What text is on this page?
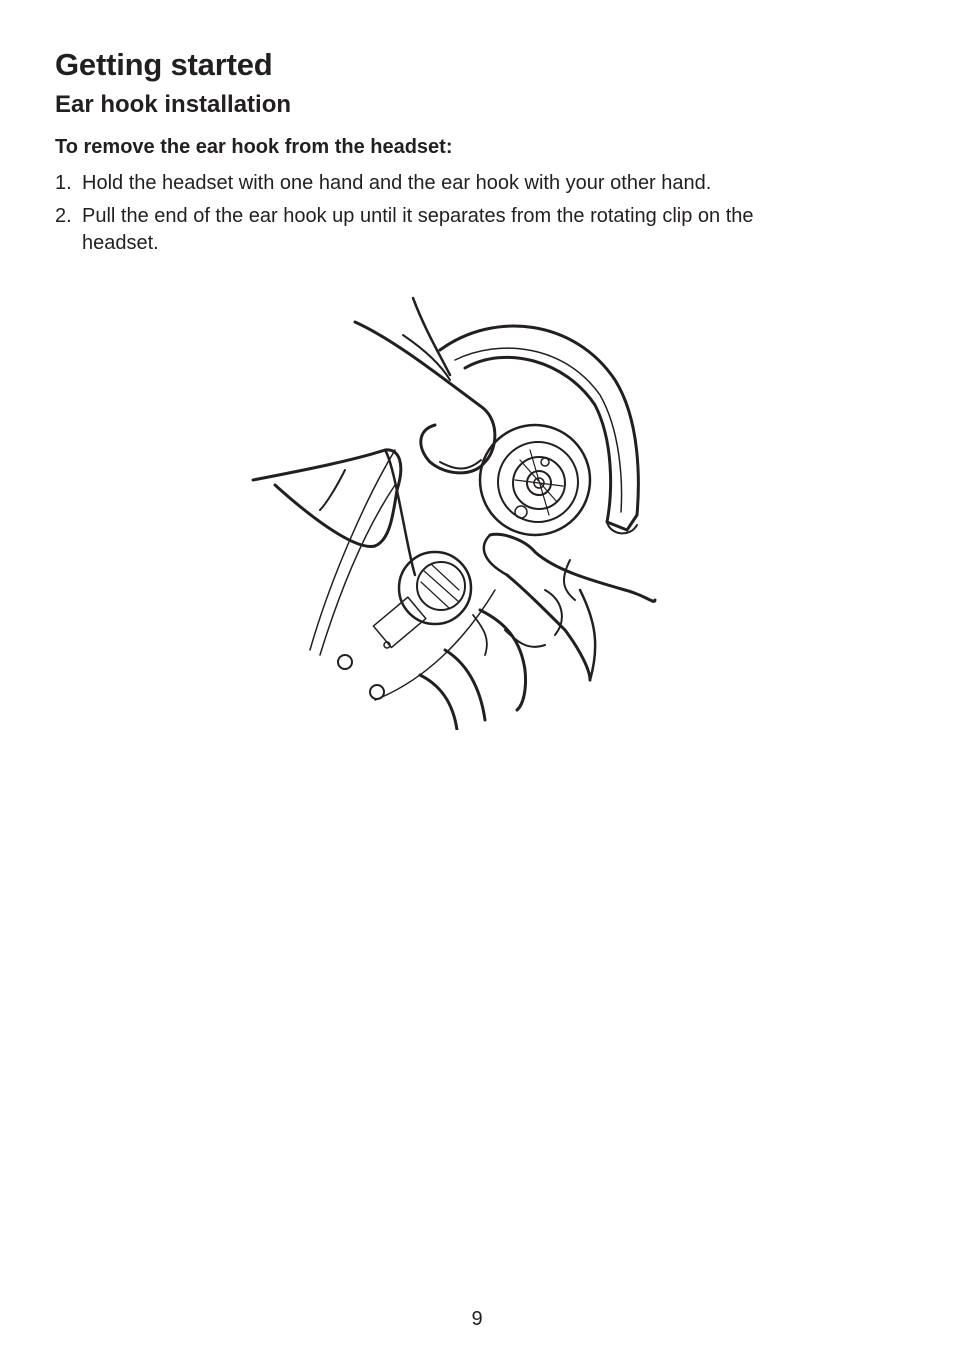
Getting started
Ear hook installation

To remove the ear hook from the headset:

1. Hold the headset with one hand and the ear hook with your other hand.
2. Pull the end of the ear hook up until it separates from the rotating clip on the headset.
9
